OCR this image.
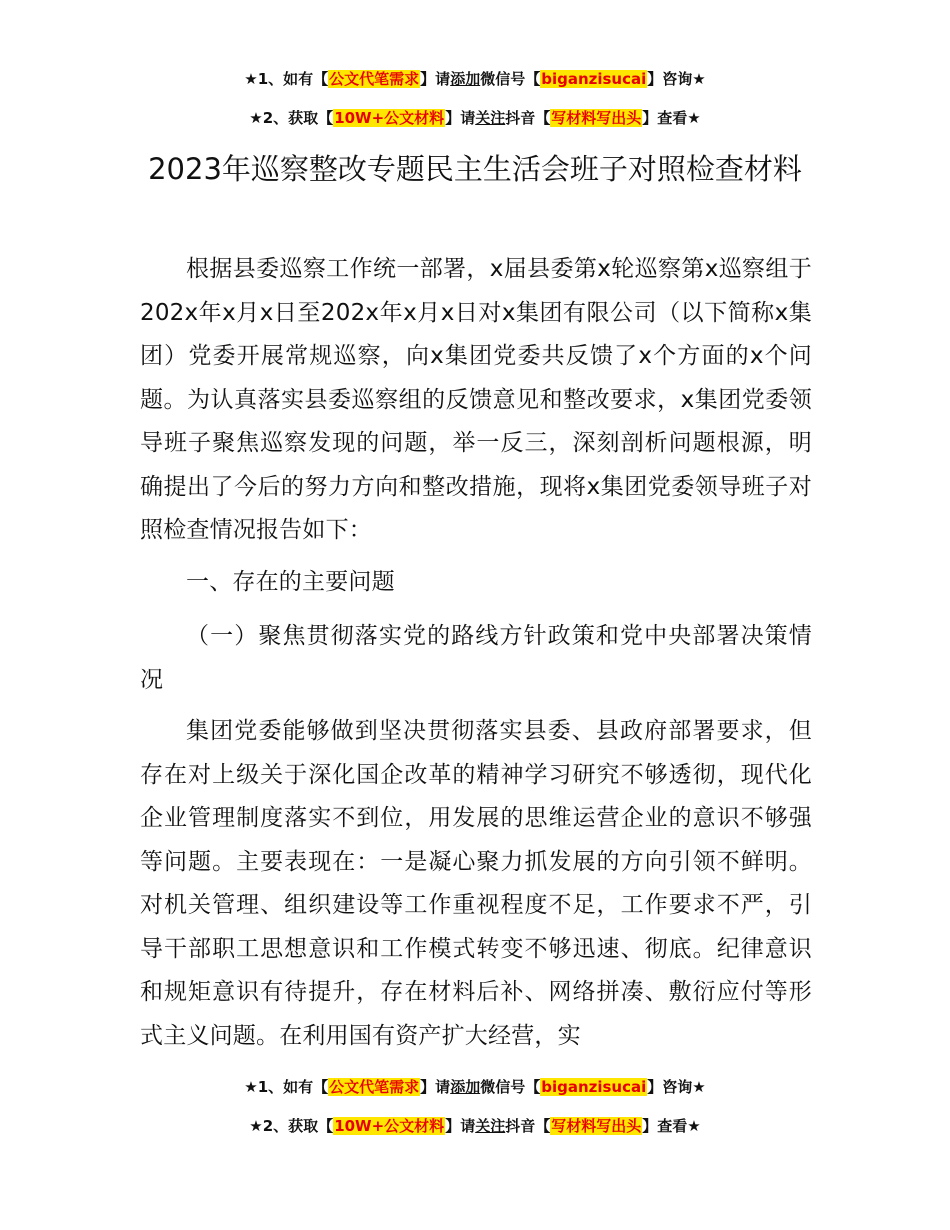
★1、如有【公文代笔需求】请添加微信号【biganzisucai】咨询★
★2、获取【10W+公文材料】请关注抖音【写材料写出头】查看★
2023年巡察整改专题民主生活会班子对照检查材料

根据县委巡察工作统一部署，x届县委第x轮巡察第x巡察组于202x年x月x日至202x年x月x日对x集团有限公司（以下简称x集团）党委开展常规巡察，向x集团党委共反馈了x个方面的x个问题。为认真落实县委巡察组的反馈意见和整改要求，x集团党委领导班子聚焦巡察发现的问题，举一反三，深刻剖析问题根源，明确提出了今后的努力方向和整改措施，现将x集团党委领导班子对照检查情况报告如下：

一、存在的主要问题

（一）聚焦贯彻落实党的路线方针政策和党中央部署决策情况

集团党委能够做到坚决贯彻落实县委、县政府部署要求，但存在对上级关于深化国企改革的精神学习研究不够透彻，现代化企业管理制度落实不到位，用发展的思维运营企业的意识不够强等问题。主要表现在：一是凝心聚力抓发展的方向引领不鲜明。对机关管理、组织建设等工作重视程度不足，工作要求不严，引导干部职工思想意识和工作模式转变不够迅速、彻底。纪律意识和规矩意识有待提升，存在材料后补、网络拼凑、敷衍应付等形式主义问题。在利用国有资产扩大经营，实

★1、如有【公文代笔需求】请添加微信号【biganzisucai】咨询★
★2、获取【10W+公文材料】请关注抖音【写材料写出头】查看★
